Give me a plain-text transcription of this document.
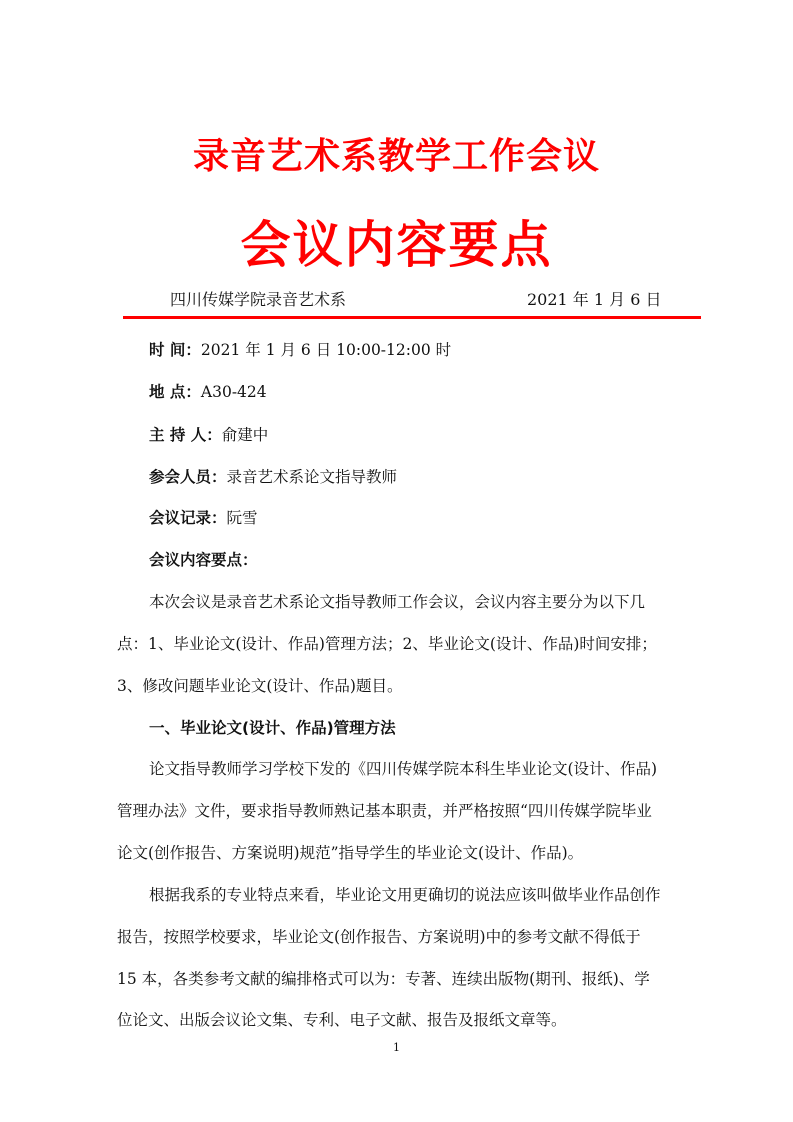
录音艺术系教学工作会议
会议内容要点
四川传媒学院录音艺术系	2021 年 1 月 6 日
时 间：2021 年 1 月 6 日 10:00-12:00 时
地 点：A30-424
主 持 人：俞建中
参会人员：录音艺术系论文指导教师
会议记录：阮雪
会议内容要点：
本次会议是录音艺术系论文指导教师工作会议，会议内容主要分为以下几
点：1、毕业论文(设计、作品)管理方法；2、毕业论文(设计、作品)时间安排；
3、修改问题毕业论文(设计、作品)题目。
一、毕业论文(设计、作品)管理方法
论文指导教师学习学校下发的《四川传媒学院本科生毕业论文(设计、作品)
管理办法》文件，要求指导教师熟记基本职责，并严格按照“四川传媒学院毕业
论文(创作报告、方案说明)规范”指导学生的毕业论文(设计、作品)。
根据我系的专业特点来看，毕业论文用更确切的说法应该叫做毕业作品创作
报告，按照学校要求，毕业论文(创作报告、方案说明)中的参考文献不得低于
15 本，各类参考文献的编排格式可以为：专著、连续出版物(期刊、报纸)、学
位论文、出版会议论文集、专利、电子文献、报告及报纸文章等。
1
